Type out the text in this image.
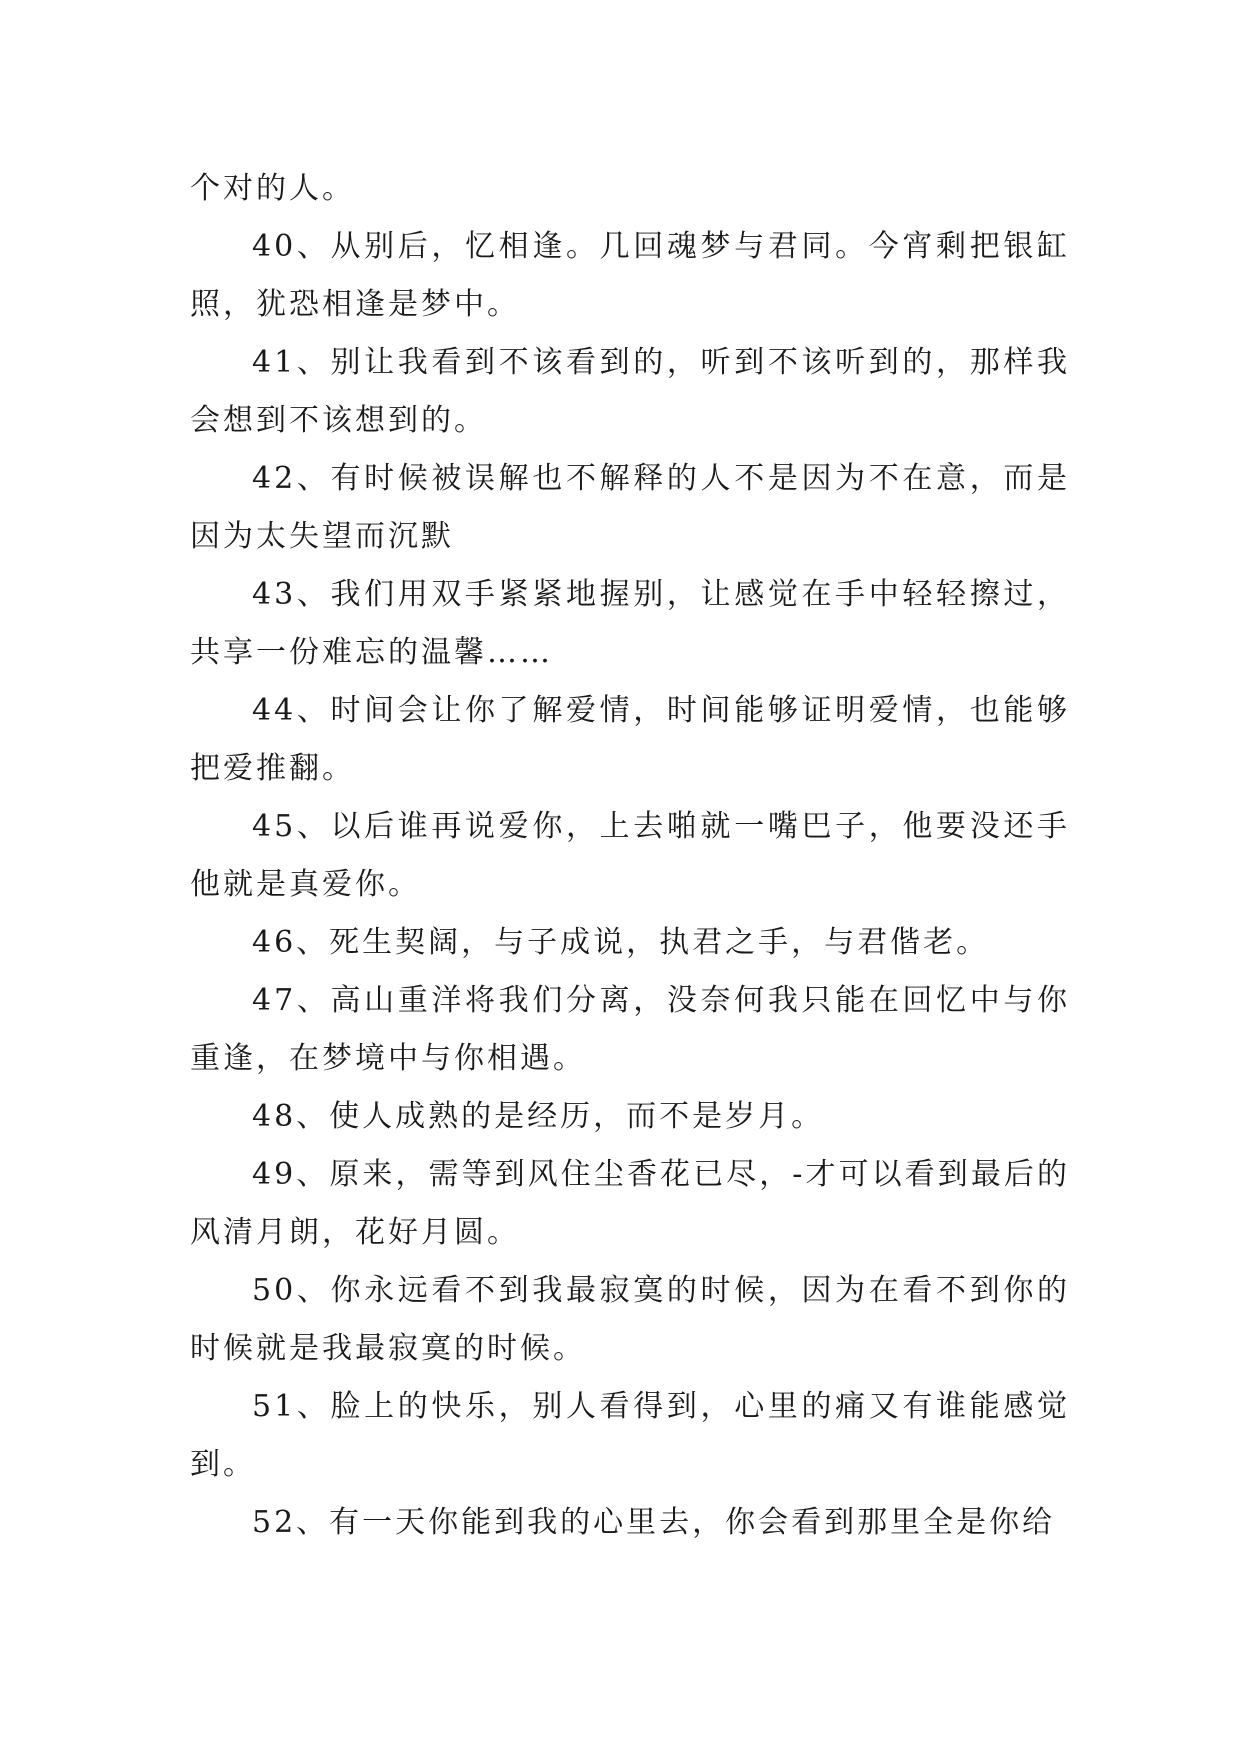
个对的人。

40、从别后，忆相逢。几回魂梦与君同。今宵剩把银缸照，犹恐相逢是梦中。

41、别让我看到不该看到的，听到不该听到的，那样我会想到不该想到的。

42、有时候被误解也不解释的人不是因为不在意，而是因为太失望而沉默

43、我们用双手紧紧地握别，让感觉在手中轻轻擦过，共享一份难忘的温馨……

44、时间会让你了解爱情，时间能够证明爱情，也能够把爱推翻。

45、以后谁再说爱你，上去啪就一嘴巴子，他要没还手他就是真爱你。

46、死生契阔，与子成说，执君之手，与君偕老。

47、高山重洋将我们分离，没奈何我只能在回忆中与你重逢，在梦境中与你相遇。

48、使人成熟的是经历，而不是岁月。

49、原来，需等到风住尘香花已尽，-才可以看到最后的风清月朗，花好月圆。

50、你永远看不到我最寂寞的时候，因为在看不到你的时候就是我最寂寞的时候。

51、脸上的快乐，别人看得到，心里的痛又有谁能感觉到。

52、有一天你能到我的心里去，你会看到那里全是你给
